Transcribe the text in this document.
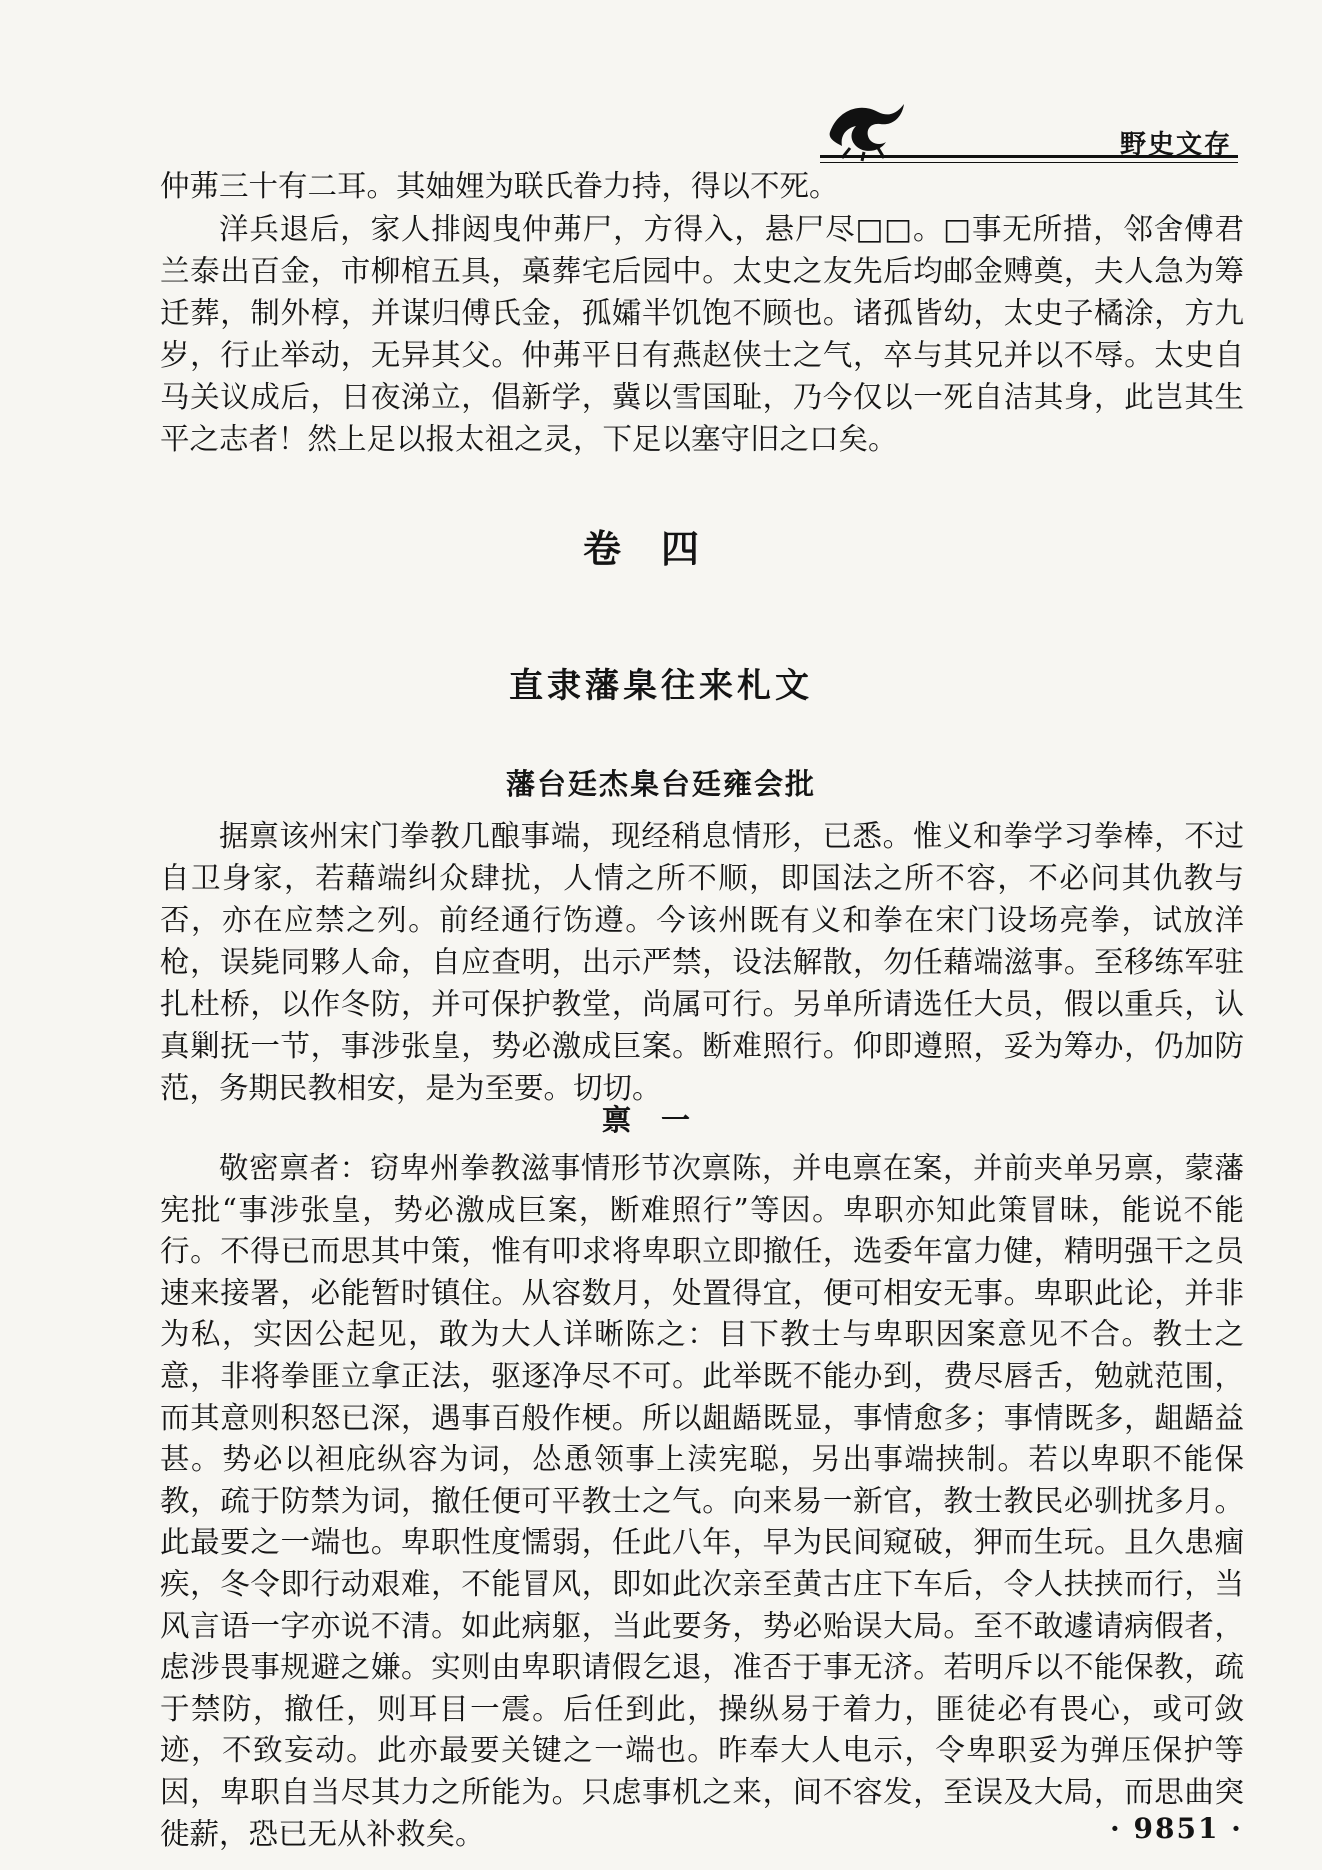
野史文存

仲茀三十有二耳。其妯娌为联氏眷力持，得以不死。

洋兵退后，家人排闼曳仲茀尸，方得入，悬尸尽□□。□事无所措，邻舍傅君兰泰出百金，市柳棺五具，槀葬宅后园中。太史之友先后均邮金赙奠，夫人急为筹迁葬，制外椁，并谋归傅氏金，孤孀半饥饱不顾也。诸孤皆幼，太史子橘涂，方九岁，行止举动，无异其父。仲茀平日有燕赵侠士之气，卒与其兄并以不辱。太史自马关议成后，日夜涕立，倡新学，冀以雪国耻，乃今仅以一死自洁其身，此岂其生平之志者！然上足以报太祖之灵，下足以塞守旧之口矣。

卷四
直隶藩臬往来札文
藩台廷杰臬台廷雍会批

据禀该州宋门拳教几酿事端，现经稍息情形，已悉。惟义和拳学习拳棒，不过自卫身家，若藉端纠众肆扰，人情之所不顺，即国法之所不容，不必问其仇教与否，亦在应禁之列。前经通行饬遵。今该州既有义和拳在宋门设场亮拳，试放洋枪，误毙同夥人命，自应查明，出示严禁，设法解散，勿任藉端滋事。至移练军驻扎杜桥，以作冬防，并可保护教堂，尚属可行。另单所请选任大员，假以重兵，认真剿抚一节，事涉张皇，势必激成巨案。断难照行。仰即遵照，妥为筹办，仍加防范，务期民教相安，是为至要。切切。

禀一

敬密禀者：窃卑州拳教滋事情形节次禀陈，并电禀在案，并前夹单另禀，蒙藩宪批“事涉张皇，势必激成巨案，断难照行”等因。卑职亦知此策冒昧，能说不能行。不得已而思其中策，惟有叩求将卑职立即撤任，选委年富力健，精明强干之员速来接署，必能暂时镇住。从容数月，处置得宜，便可相安无事。卑职此论，并非为私，实因公起见，敢为大人详晰陈之：目下教士与卑职因案意见不合。教士之意，非将拳匪立拿正法，驱逐净尽不可。此举既不能办到，费尽唇舌，勉就范围，而其意则积怒已深，遇事百般作梗。所以龃龉既显，事情愈多；事情既多，龃龉益甚。势必以袒庇纵容为词，怂恿领事上渎宪聪，另出事端挟制。若以卑职不能保教，疏于防禁为词，撤任便可平教士之气。向来易一新官，教士教民必驯扰多月。此最要之一端也。卑职性度懦弱，任此八年，早为民间窥破，狎而生玩。且久患痼疾，冬令即行动艰难，不能冒风，即如此次亲至黄古庄下车后，令人扶挟而行，当风言语一字亦说不清。如此病躯，当此要务，势必贻误大局。至不敢遽请病假者，虑涉畏事规避之嫌。实则由卑职请假乞退，准否于事无济。若明斥以不能保教，疏于禁防，撤任，则耳目一震。后任到此，操纵易于着力，匪徒必有畏心，或可敛迹，不致妄动。此亦最要关键之一端也。昨奉大人电示，令卑职妥为弹压保护等因，卑职自当尽其力之所能为。只虑事机之来，间不容发，至误及大局，而思曲突徙薪，恐已无从补救矣。	· 9851 ·
